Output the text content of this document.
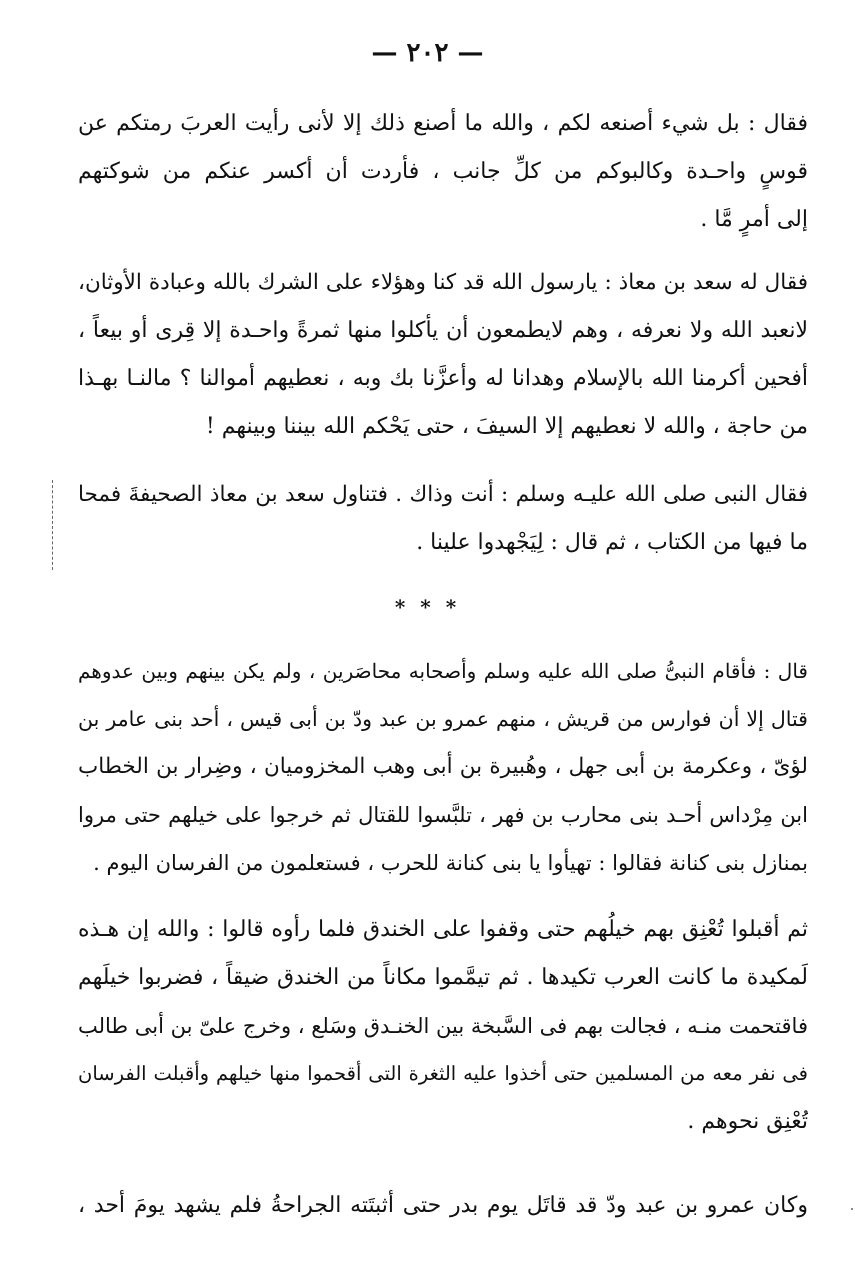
— ٢٠٢ —
فقال : بل شيء أصنعه لكم ، والله ما أصنع ذلك إلا لأنى رأيت العربَ رمتكم عن
قوسٍ واحـدة وكالبوكم من كلِّ جانب ، فأردت أن أكسر عنكم من شوكتهم
إلى أمرٍ مَّا .
فقال له سعد بن معاذ : يارسول الله قد كنا وهؤلاء على الشرك بالله وعبادة الأوثان،
لانعبد الله ولا نعرفه ، وهم لايطمعون أن يأكلوا منها ثمرةً واحـدة إلا قِرى أو بيعاً ،
أفحين أكرمنا الله بالإسلام وهدانا له وأعزَّنا بك وبه ، نعطيهم أموالنا ؟ مالنـا بهـذا
من حاجة ، والله لا نعطيهم إلا السيفَ ، حتى يَحْكم الله بيننا وبينهم !
فقال النبى صلى الله عليـه وسلم : أنت وذاك . فتناول سعد بن معاذ الصحيفةَ فمحا
ما فيها من الكتاب ، ثم قال : لِيَجْهدوا علينا .
* * *
قال : فأقام النبىُّ صلى الله عليه وسلم وأصحابه محاصَرين ، ولم يكن بينهم وبين عدوهم
قتال إلا أن فوارس من قريش ، منهم عمرو بن عبد ودّ بن أبى قيس ، أحد بنى عامر بن
لؤىّ ، وعكرمة بن أبى جهل ، وهُبيرة بن أبى وهب المخزوميان ، وضِرار بن الخطاب
ابن مِرْداس أحـد بنى محارب بن فهر ، تلبَّسوا للقتال ثم خرجوا على خيلهم حتى مروا
بمنازل بنى كنانة فقالوا : تهيأوا يا بنى كنانة للحرب ، فستعلمون من الفرسان اليوم .
ثم أقبلوا تُعْنِق بهم خيلُهم حتى وقفوا على الخندق فلما رأوه قالوا : والله إن هـذه
لَمكيدة ما كانت العرب تكيدها . ثم تيمَّموا مكاناً من الخندق ضيقاً ، فضربوا خيلَهم
فاقتحمت منـه ، فجالت بهم فى السَّبخة بين الخنـدق وسَلع ، وخرج علىّ بن أبى طالب
فى نفر معه من المسلمين حتى أخذوا عليه الثغرة التى أقحموا منها خيلهم وأقبلت الفرسان
تُعْنِق نحوهم .
وكان عمرو بن عبد ودّ قد قاتَل يوم بدر حتى أثبتَته الجراحةُ فلم يشهد يومَ أحد ،
